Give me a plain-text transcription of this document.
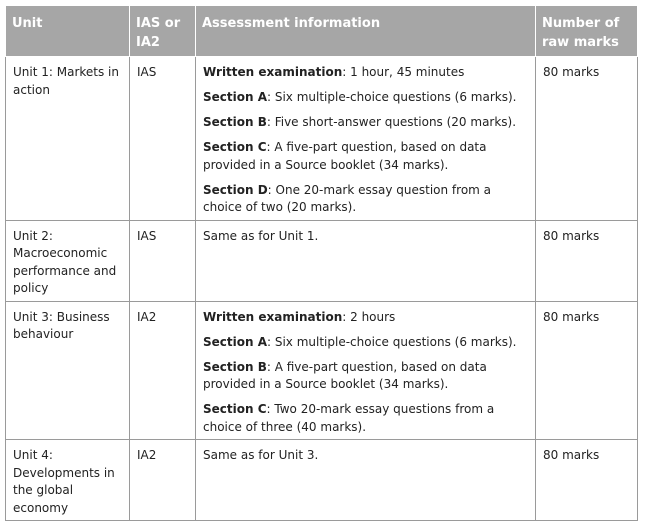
Unit	IAS or IA2	Assessment information	Number of raw marks
Unit 1: Markets in action	IAS	Written examination: 1 hour, 45 minutes

Section A: Six multiple-choice questions (6 marks).

Section B: Five short-answer questions (20 marks).

Section C: A five-part question, based on data provided in a Source booklet (34 marks).

Section D: One 20-mark essay question from a choice of two (20 marks).	80 marks
Unit 2: Macroeconomic performance and policy	IAS	Same as for Unit 1.	80 marks
Unit 3: Business behaviour	IA2	Written examination: 2 hours

Section A: Six multiple-choice questions (6 marks).

Section B: A five-part question, based on data provided in a Source booklet (34 marks).

Section C: Two 20-mark essay questions from a choice of three (40 marks).	80 marks
Unit 4: Developments in the global economy	IA2	Same as for Unit 3.	80 marks
